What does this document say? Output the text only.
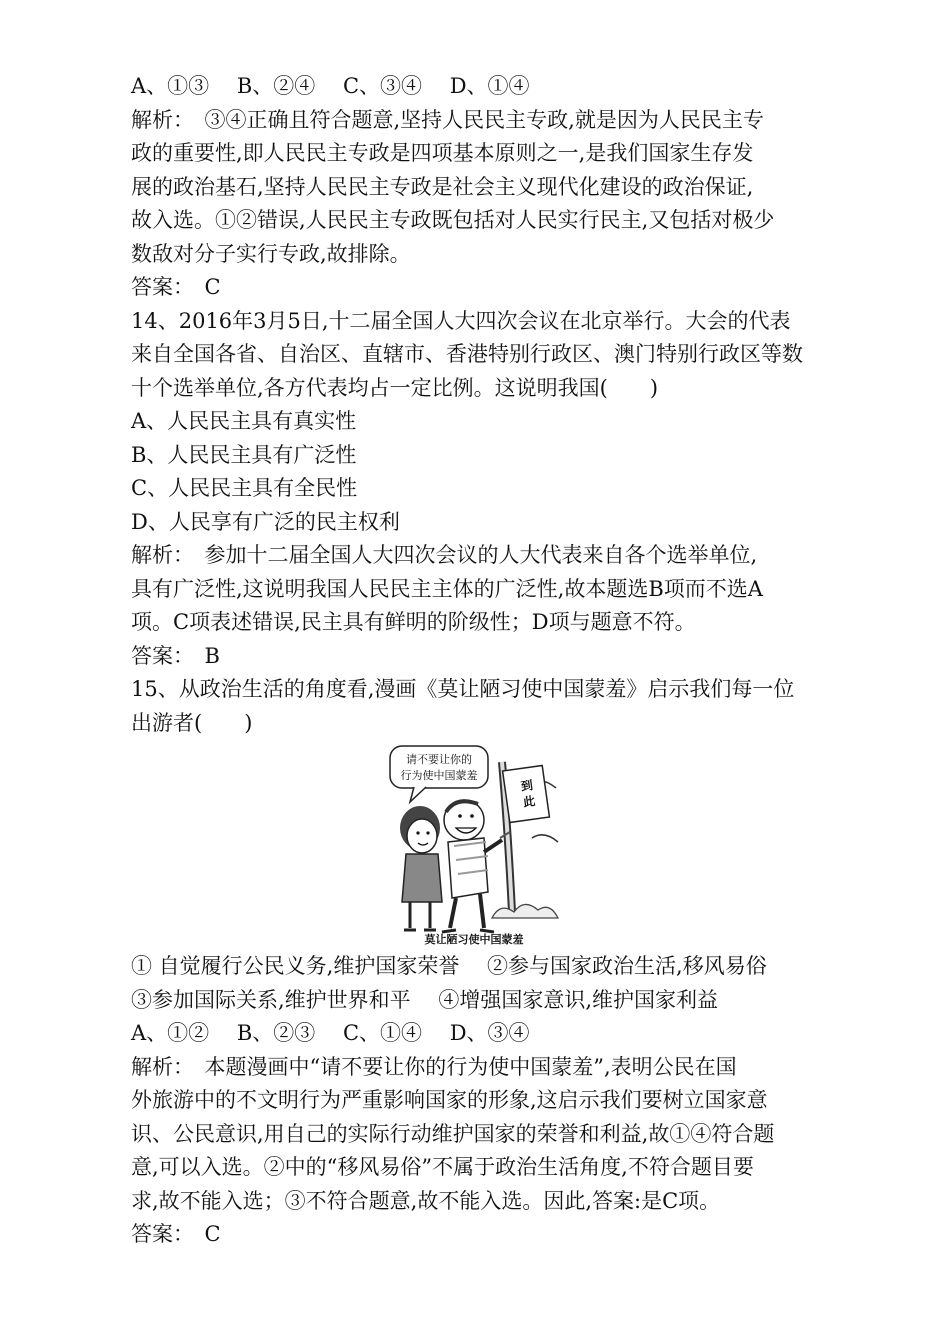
A、①③　 B、②④　 C、③④　 D、①④
解析：　③④正确且符合题意,坚持人民民主专政,就是因为人民民主专
政的重要性,即人民民主专政是四项基本原则之一,是我们国家生存发
展的政治基石,坚持人民民主专政是社会主义现代化建设的政治保证,
故入选。①②错误,人民民主专政既包括对人民实行民主,又包括对极少
数敌对分子实行专政,故排除。
答案：　C
14、2016年3月5日,十二届全国人大四次会议在北京举行。大会的代表
来自全国各省、自治区、直辖市、香港特别行政区、澳门特别行政区等数
十个选举单位,各方代表均占一定比例。这说明我国(　　)
A、人民民主具有真实性
B、人民民主具有广泛性
C、人民民主具有全民性
D、人民享有广泛的民主权利
解析：　参加十二届全国人大四次会议的人大代表来自各个选举单位,
具有广泛性,这说明我国人民民主主体的广泛性,故本题选B项而不选A
项。C项表述错误,民主具有鲜明的阶级性；D项与题意不符。
答案：　B
15、从政治生活的角度看,漫画《莫让陋习使中国蒙羞》启示我们每一位
出游者(　　)
请不要让你的
行为使中国蒙羞
到 此
莫让陋习使中国蒙羞
① 自觉履行公民义务,维护国家荣誉　 ②参与国家政治生活,移风易俗
③参加国际关系,维护世界和平　 ④增强国家意识,维护国家利益
A、①②　 B、②③　 C、①④　 D、③④
解析：　本题漫画中“请不要让你的行为使中国蒙羞”,表明公民在国
外旅游中的不文明行为严重影响国家的形象,这启示我们要树立国家意
识、公民意识,用自己的实际行动维护国家的荣誉和利益,故①④符合题
意,可以入选。②中的“移风易俗”不属于政治生活角度,不符合题目要
求,故不能入选；③不符合题意,故不能入选。因此,答案:是C项。
答案：　C
